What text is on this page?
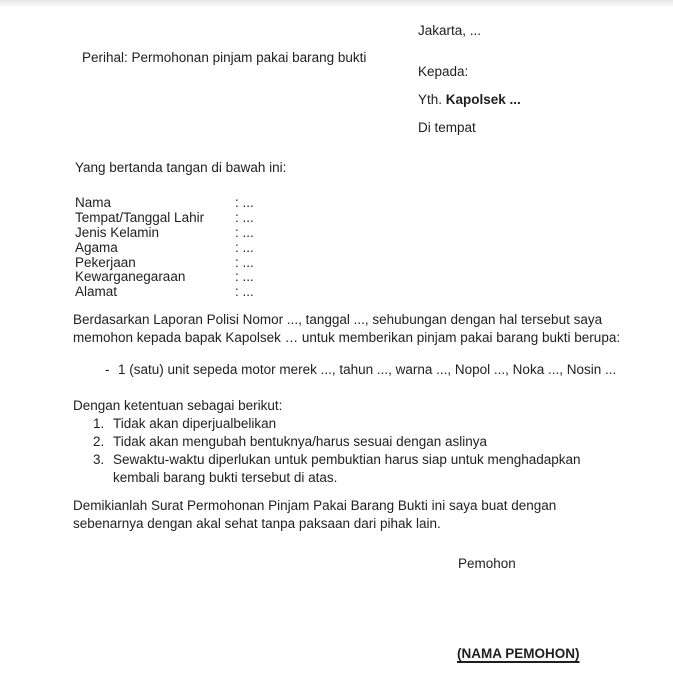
Jakarta, ...
Perihal: Permohonan pinjam pakai barang bukti
Kepada:
Yth. Kapolsek ...
Di tempat
Yang bertanda tangan di bawah ini:
Nama	: ...
Tempat/Tanggal Lahir	: ...
Jenis Kelamin	: ...
Agama	: ...
Pekerjaan	: ...
Kewarganegaraan	: ...
Alamat	: ...
Berdasarkan Laporan Polisi Nomor ..., tanggal ..., sehubungan dengan hal tersebut saya
memohon kepada bapak Kapolsek … untuk memberikan pinjam pakai barang bukti berupa:
- 1 (satu) unit sepeda motor merek ..., tahun ..., warna ..., Nopol ..., Noka ..., Nosin ...
Dengan ketentuan sebagai berikut:
1. Tidak akan diperjualbelikan
2. Tidak akan mengubah bentuknya/harus sesuai dengan aslinya
3. Sewaktu-waktu diperlukan untuk pembuktian harus siap untuk menghadapkan
kembali barang bukti tersebut di atas.
Demikianlah Surat Permohonan Pinjam Pakai Barang Bukti ini saya buat dengan
sebenarnya dengan akal sehat tanpa paksaan dari pihak lain.
Pemohon
(NAMA PEMOHON)
